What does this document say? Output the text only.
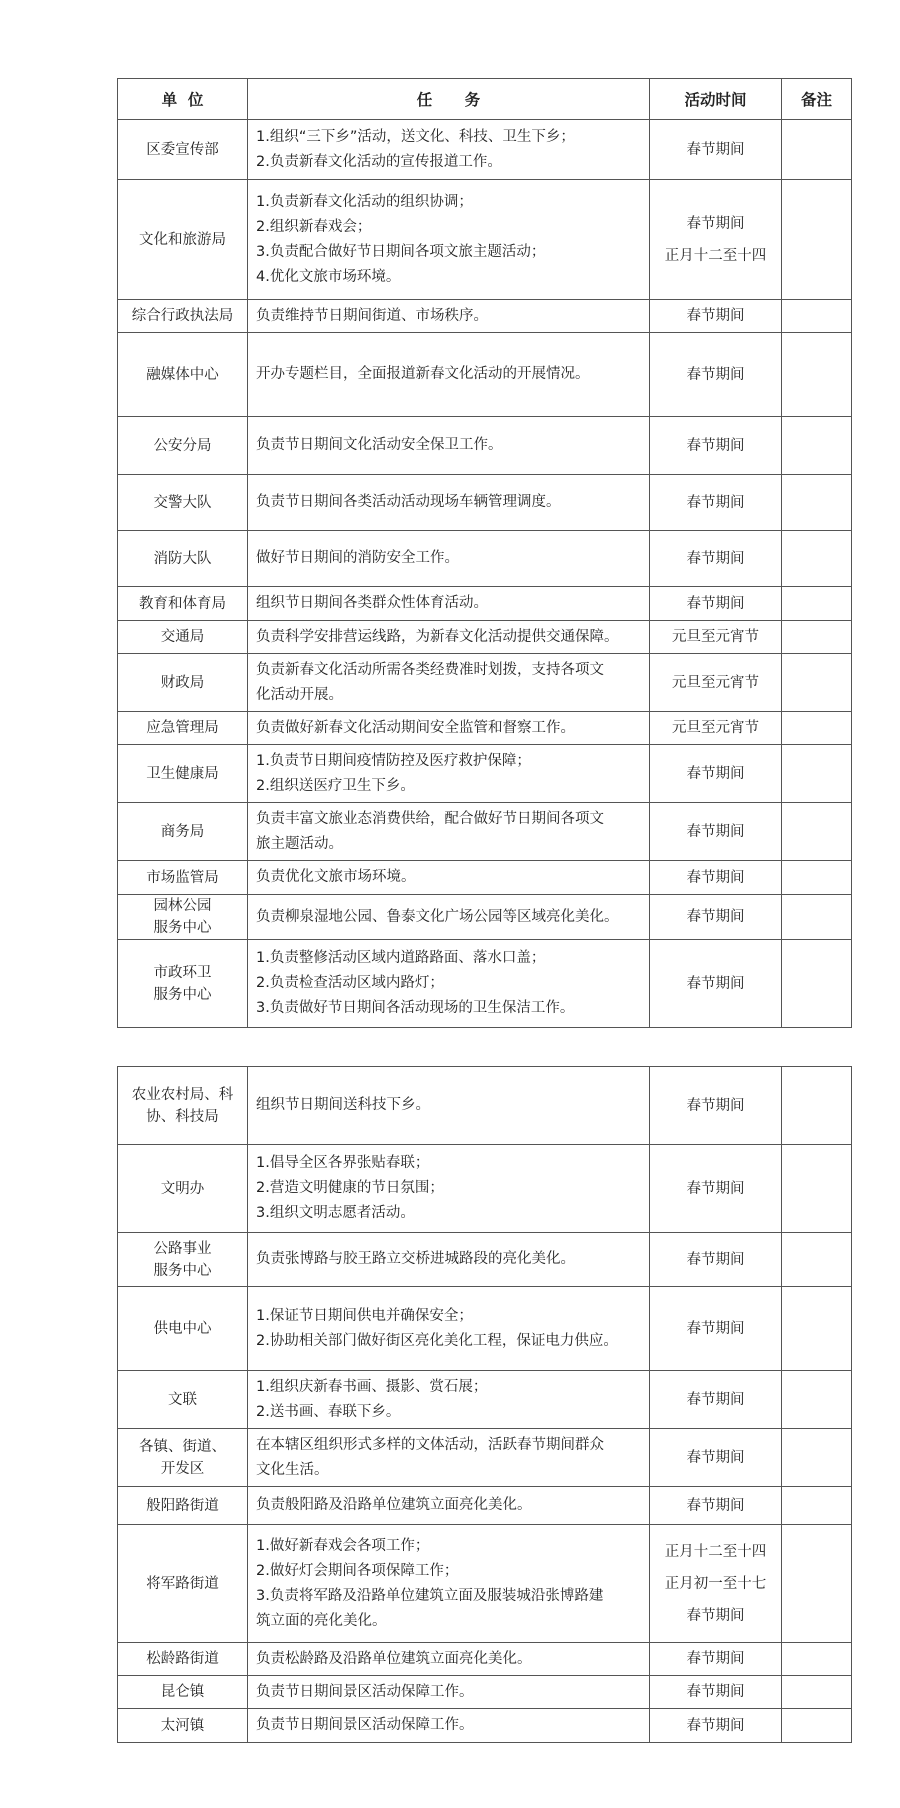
单  位	任      务	活动时间	备注

区委宣传部	1.组织“三下乡”活动，送文化、科技、卫生下乡；
2.负责新春文化活动的宣传报道工作。	春节期间	

文化和旅游局	1.负责新春文化活动的组织协调；
2.组织新春戏会；
3.负责配合做好节日期间各项文旅主题活动；
4.优化文旅市场环境。	春节期间
正月十二至十四	

综合行政执法局	负责维持节日期间街道、市场秩序。	春节期间	

融媒体中心	开办专题栏目，全面报道新春文化活动的开展情况。	春节期间	

公安分局	负责节日期间文化活动安全保卫工作。	春节期间	

交警大队	负责节日期间各类活动活动现场车辆管理调度。	春节期间	

消防大队	做好节日期间的消防安全工作。	春节期间	

教育和体育局	组织节日期间各类群众性体育活动。	春节期间	

交通局	负责科学安排营运线路，为新春文化活动提供交通保障。	元旦至元宵节	

财政局	负责新春文化活动所需各类经费准时划拨，支持各项文
化活动开展。	元旦至元宵节	

应急管理局	负责做好新春文化活动期间安全监管和督察工作。	元旦至元宵节	

卫生健康局	1.负责节日期间疫情防控及医疗救护保障；
2.组织送医疗卫生下乡。	春节期间	

商务局	负责丰富文旅业态消费供给，配合做好节日期间各项文
旅主题活动。	春节期间	

市场监管局	负责优化文旅市场环境。	春节期间	

园林公园
服务中心	负责柳泉湿地公园、鲁泰文化广场公园等区域亮化美化。	春节期间	

市政环卫
服务中心	1.负责整修活动区域内道路路面、落水口盖；
2.负责检查活动区域内路灯；
3.负责做好节日期间各活动现场的卫生保洁工作。	春节期间	

农业农村局、科
协、科技局	组织节日期间送科技下乡。	春节期间	

文明办	1.倡导全区各界张贴春联；
2.营造文明健康的节日氛围；
3.组织文明志愿者活动。	春节期间	

公路事业
服务中心	负责张博路与胶王路立交桥进城路段的亮化美化。	春节期间	

供电中心	1.保证节日期间供电并确保安全；
2.协助相关部门做好街区亮化美化工程，保证电力供应。	春节期间	

文联	1.组织庆新春书画、摄影、赏石展；
2.送书画、春联下乡。	春节期间	

各镇、街道、
开发区	在本辖区组织形式多样的文体活动，活跃春节期间群众
文化生活。	春节期间	

般阳路街道	负责般阳路及沿路单位建筑立面亮化美化。	春节期间	

将军路街道	1.做好新春戏会各项工作；
2.做好灯会期间各项保障工作；
3.负责将军路及沿路单位建筑立面及服装城沿张博路建
筑立面的亮化美化。	正月十二至十四
正月初一至十七
春节期间	

松龄路街道	负责松龄路及沿路单位建筑立面亮化美化。	春节期间	

昆仑镇	负责节日期间景区活动保障工作。	春节期间	

太河镇	负责节日期间景区活动保障工作。	春节期间	
